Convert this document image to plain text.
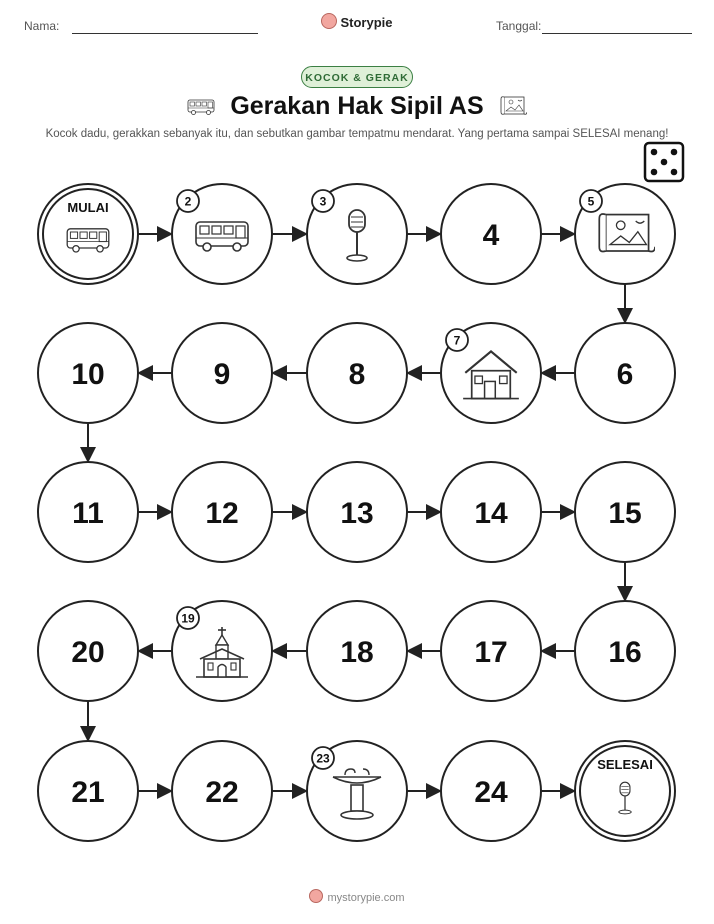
Nama:	Storypie	Tanggal:
KOCOK & GERAK
Gerakan Hak Sipil AS
Kocok dadu, gerakkan sebanyak itu, dan sebutkan gambar tempatmu mendarat. Yang pertama sampai SELESAI menang!
MULAI	2	3
4
5
6
7
8
9
10
11	12	13	14	15
16
17
18
19
20
21	22
23
24
SELESAI
mystorypie.com
